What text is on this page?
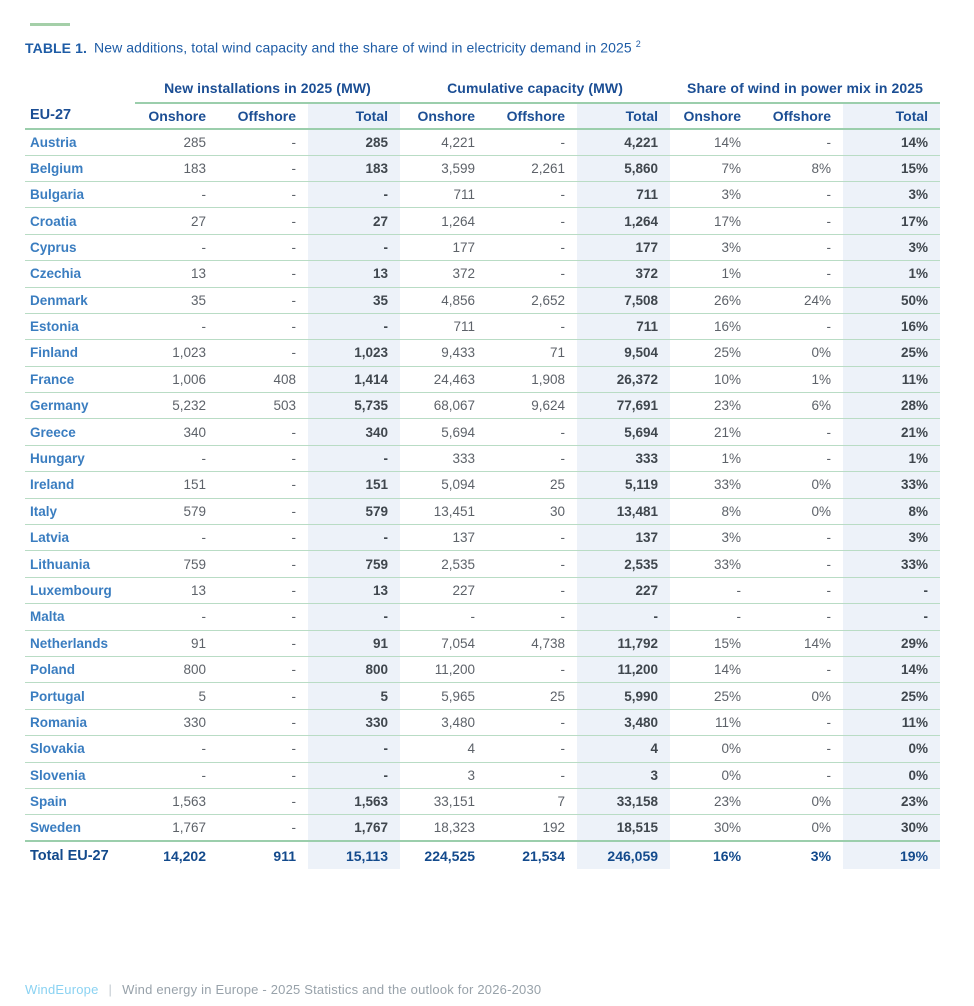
TABLE 1. New additions, total wind capacity and the share of wind in electricity demand in 2025 $^2$

	New installations in 2025 (MW)			Cumulative capacity (MW)			Share of wind in power mix in 2025		
EU-27	Onshore	Offshore	Total	Onshore	Offshore	Total	Onshore	Offshore	Total
Austria	285	-	285	4,221	-	4,221	14%	-	14%
Belgium	183	-	183	3,599	2,261	5,860	7%	8%	15%
Bulgaria	-	-	-	711	-	711	3%	-	3%
Croatia	27	-	27	1,264	-	1,264	17%	-	17%
Cyprus	-	-	-	177	-	177	3%	-	3%
Czechia	13	-	13	372	-	372	1%	-	1%
Denmark	35	-	35	4,856	2,652	7,508	26%	24%	50%
Estonia	-	-	-	711	-	711	16%	-	16%
Finland	1,023	-	1,023	9,433	71	9,504	25%	0%	25%
France	1,006	408	1,414	24,463	1,908	26,372	10%	1%	11%
Germany	5,232	503	5,735	68,067	9,624	77,691	23%	6%	28%
Greece	340	-	340	5,694	-	5,694	21%	-	21%
Hungary	-	-	-	333	-	333	1%	-	1%
Ireland	151	-	151	5,094	25	5,119	33%	0%	33%
Italy	579	-	579	13,451	30	13,481	8%	0%	8%
Latvia	-	-	-	137	-	137	3%	-	3%
Lithuania	759	-	759	2,535	-	2,535	33%	-	33%
Luxembourg	13	-	13	227	-	227	-	-	-
Malta	-	-	-	-	-	-	-	-	-
Netherlands	91	-	91	7,054	4,738	11,792	15%	14%	29%
Poland	800	-	800	11,200	-	11,200	14%	-	14%
Portugal	5	-	5	5,965	25	5,990	25%	0%	25%
Romania	330	-	330	3,480	-	3,480	11%	-	11%
Slovakia	-	-	-	4	-	4	0%	-	0%
Slovenia	-	-	-	3	-	3	0%	-	0%
Spain	1,563	-	1,563	33,151	7	33,158	23%	0%	23%
Sweden	1,767	-	1,767	18,323	192	18,515	30%	0%	30%
Total EU-27	14,202	911	15,113	224,525	21,534	246,059	16%	3%	19%

WindEurope | Wind energy in Europe - 2025 Statistics and the outlook for 2026-2030
